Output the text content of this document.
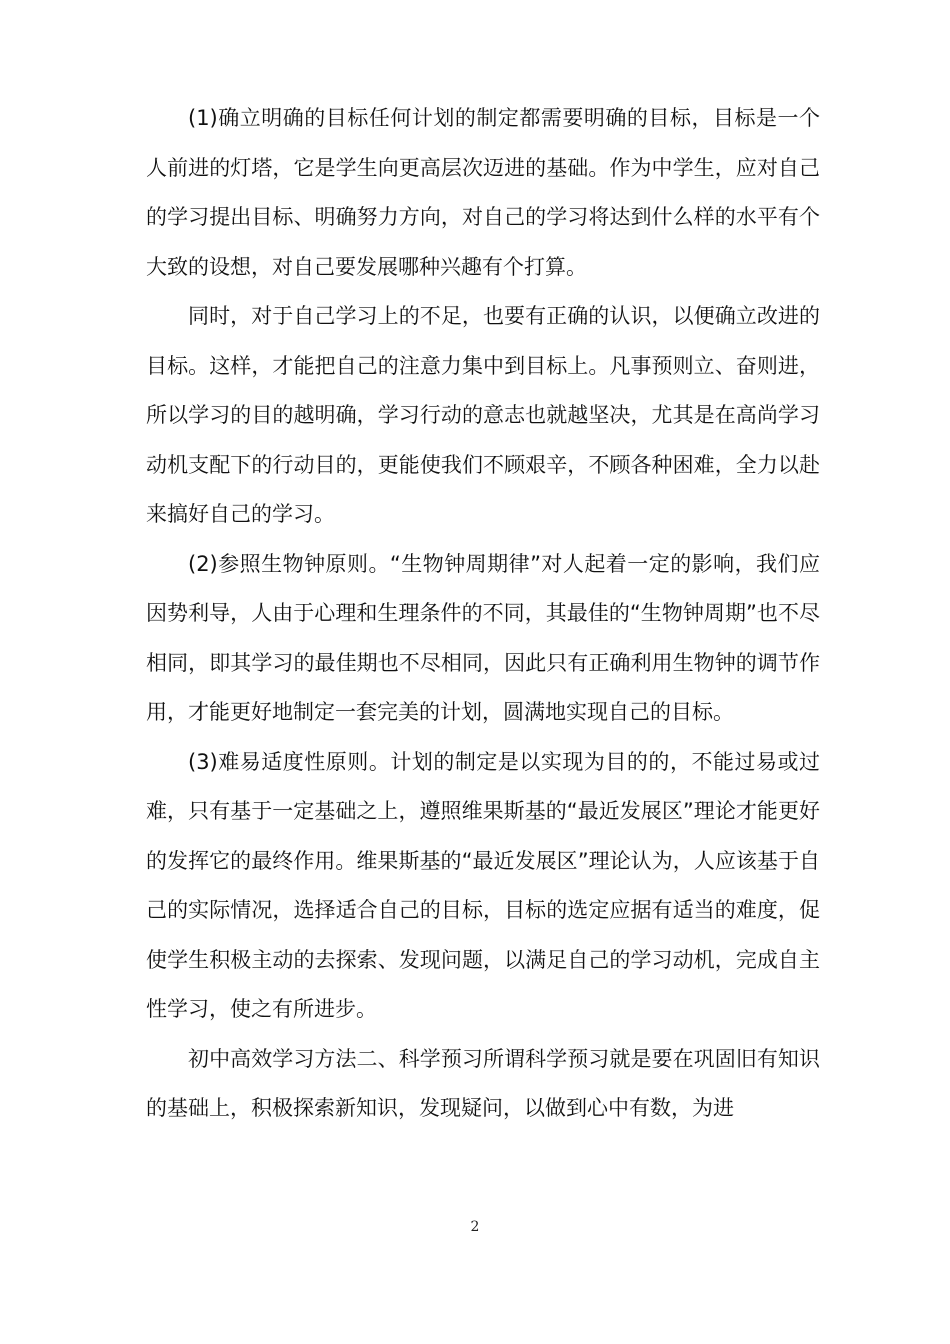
(1)确立明确的目标任何计划的制定都需要明确的目标，目标是一个人前进的灯塔，它是学生向更高层次迈进的基础。作为中学生，应对自己的学习提出目标、明确努力方向，对自己的学习将达到什么样的水平有个大致的设想，对自己要发展哪种兴趣有个打算。

同时，对于自己学习上的不足，也要有正确的认识，以便确立改进的目标。这样，才能把自己的注意力集中到目标上。凡事预则立、奋则进，所以学习的目的越明确，学习行动的意志也就越坚决，尤其是在高尚学习动机支配下的行动目的，更能使我们不顾艰辛，不顾各种困难，全力以赴来搞好自己的学习。

(2)参照生物钟原则。“生物钟周期律”对人起着一定的影响，我们应因势利导，人由于心理和生理条件的不同，其最佳的“生物钟周期”也不尽相同，即其学习的最佳期也不尽相同，因此只有正确利用生物钟的调节作用，才能更好地制定一套完美的计划，圆满地实现自己的目标。

(3)难易适度性原则。计划的制定是以实现为目的的，不能过易或过难，只有基于一定基础之上，遵照维果斯基的“最近发展区”理论才能更好的发挥它的最终作用。维果斯基的“最近发展区”理论认为，人应该基于自己的实际情况，选择适合自己的目标，目标的选定应据有适当的难度，促使学生积极主动的去探索、发现问题，以满足自己的学习动机，完成自主性学习，使之有所进步。

初中高效学习方法二、科学预习所谓科学预习就是要在巩固旧有知识的基础上，积极探索新知识，发现疑问，以做到心中有数，为进

2
